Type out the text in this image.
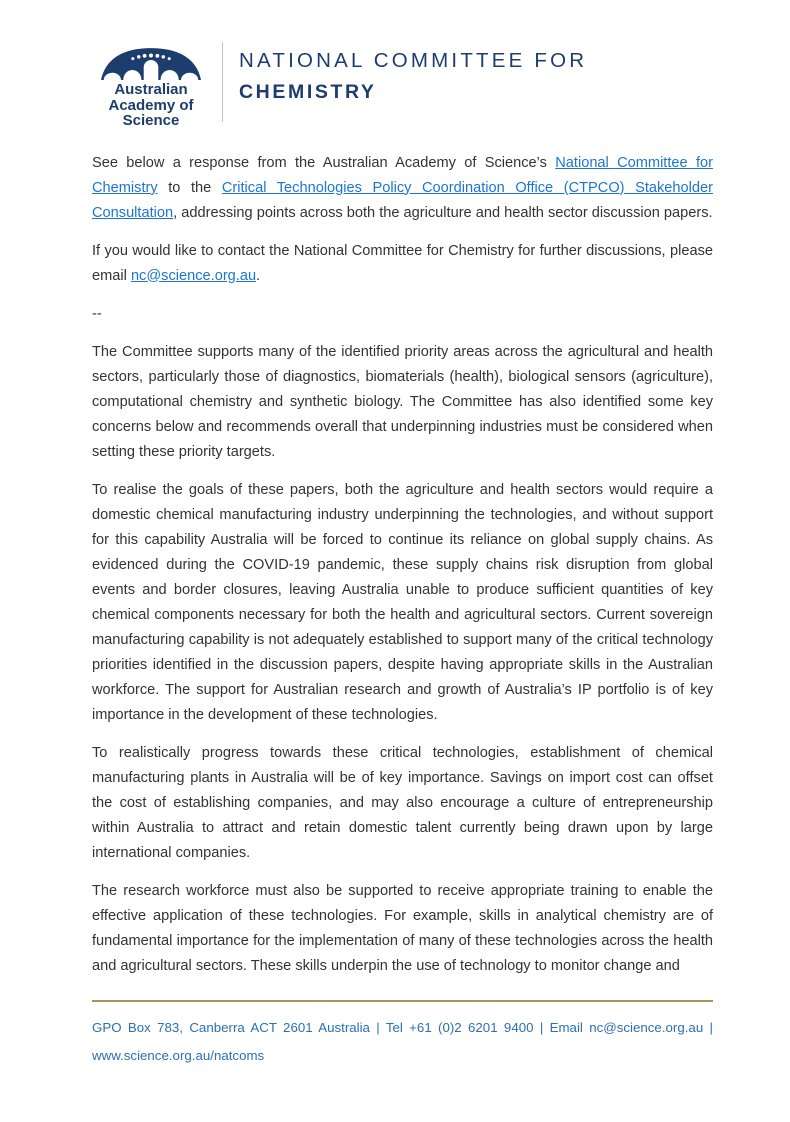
Australian
Academy of
Science
NATIONAL COMMITTEE FOR
CHEMISTRY

See below a response from the Australian Academy of Science’s National Committee for Chemistry to the Critical Technologies Policy Coordination Office (CTPCO) Stakeholder Consultation, addressing points across both the agriculture and health sector discussion papers.

If you would like to contact the National Committee for Chemistry for further discussions, please email nc@science.org.au.

--

The Committee supports many of the identified priority areas across the agricultural and health sectors, particularly those of diagnostics, biomaterials (health), biological sensors (agriculture), computational chemistry and synthetic biology. The Committee has also identified some key concerns below and recommends overall that underpinning industries must be considered when setting these priority targets.

To realise the goals of these papers, both the agriculture and health sectors would require a domestic chemical manufacturing industry underpinning the technologies, and without support for this capability Australia will be forced to continue its reliance on global supply chains. As evidenced during the COVID-19 pandemic, these supply chains risk disruption from global events and border closures, leaving Australia unable to produce sufficient quantities of key chemical components necessary for both the health and agricultural sectors. Current sovereign manufacturing capability is not adequately established to support many of the critical technology priorities identified in the discussion papers, despite having appropriate skills in the Australian workforce. The support for Australian research and growth of Australia’s IP portfolio is of key importance in the development of these technologies.

To realistically progress towards these critical technologies, establishment of chemical manufacturing plants in Australia will be of key importance. Savings on import cost can offset the cost of establishing companies, and may also encourage a culture of entrepreneurship within Australia to attract and retain domestic talent currently being drawn upon by large international companies.

The research workforce must also be supported to receive appropriate training to enable the effective application of these technologies. For example, skills in analytical chemistry are of fundamental importance for the implementation of many of these technologies across the health and agricultural sectors. These skills underpin the use of technology to monitor change and

GPO Box 783, Canberra ACT 2601 Australia | Tel +61 (0)2 6201 9400 | Email nc@science.org.au |
www.science.org.au/natcoms
